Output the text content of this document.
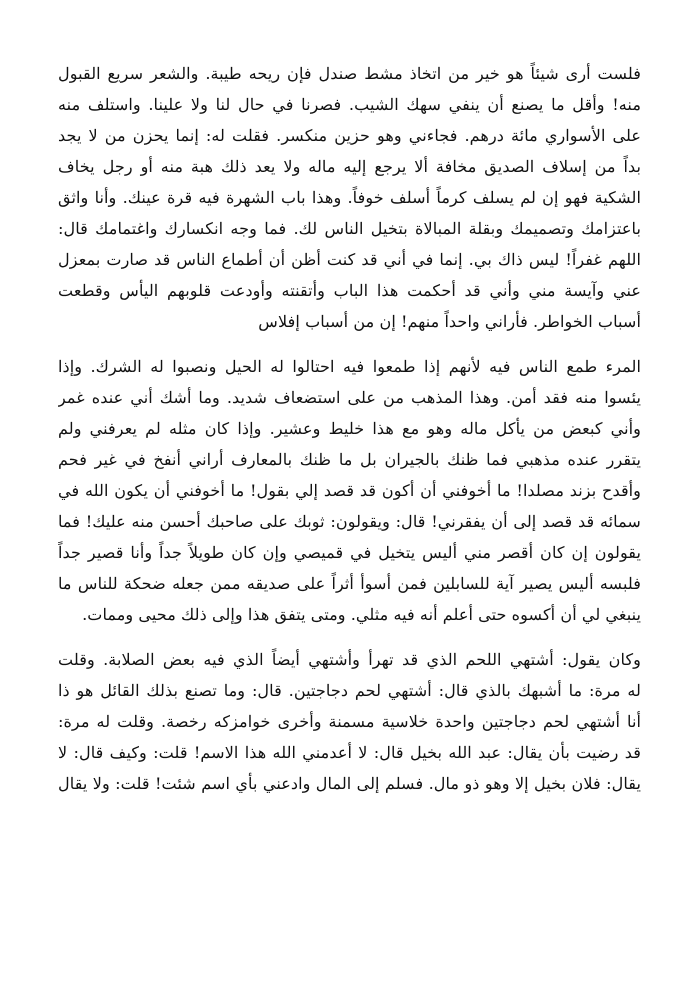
فلست أرى شيئاً هو خير من اتخاذ مشط صندل فإن ريحه طيبة. والشعر سريع القبول
منه! وأقل ما يصنع أن ينفي سهك الشيب. فصرنا في حال لنا ولا علينا. واستلف منه
على الأسواري مائة درهم. فجاءني وهو حزين منكسر. فقلت له: إنما يحزن من لا يجد
بداً من إسلاف الصديق مخافة ألا يرجع إليه ماله ولا يعد ذلك هبة منه أو رجل يخاف
الشكية فهو إن لم يسلف كرماً أسلف خوفاً. وهذا باب الشهرة فيه قرة عينك. وأنا واثق
باعتزامك وتصميمك وبقلة المبالاة بتخيل الناس لك. فما وجه انكسارك واغتمامك قال:
اللهم غفراً! ليس ذاك بي. إنما في أني قد كنت أظن أن أطماع الناس قد صارت بمعزل
عني وآيسة مني وأني قد أحكمت هذا الباب وأتقنته وأودعت قلوبهم اليأس وقطعت
أسباب الخواطر. فأراني واحداً منهم! إن من أسباب إفلاس

المرء طمع الناس فيه لأنهم إذا طمعوا فيه احتالوا له الحيل ونصبوا له الشرك. وإذا
يئسوا منه فقد أمن. وهذا المذهب من على استضعاف شديد. وما أشك أني عنده غمر
وأني كبعض من يأكل ماله وهو مع هذا خليط وعشير. وإذا كان مثله لم يعرفني ولم
يتقرر عنده مذهبي فما ظنك بالجيران بل ما ظنك بالمعارف أراني أنفخ في غير فحم
وأقدح بزند مصلدا! ما أخوفني أن أكون قد قصد إلي بقول! ما أخوفني أن يكون الله في
سمائه قد قصد إلى أن يفقرني! قال: ويقولون: ثوبك على صاحبك أحسن منه عليك! فما
يقولون إن كان أقصر مني أليس يتخيل في قميصي وإن كان طويلاً جداً وأنا قصير جداً
فلبسه أليس يصير آية للسابلين فمن أسوأ أثراً على صديقه ممن جعله ضحكة للناس ما
ينبغي لي أن أكسوه حتى أعلم أنه فيه مثلي. ومتى يتفق هذا وإلى ذلك محيى وممات.

وكان يقول: أشتهي اللحم الذي قد تهرأ وأشتهي أيضاً الذي فيه بعض الصلابة. وقلت
له مرة: ما أشبهك بالذي قال: أشتهي لحم دجاجتين. قال: وما تصنع بذلك القائل هو ذا
أنا أشتهي لحم دجاجتين واحدة خلاسية مسمنة وأخرى خوامزكه رخصة. وقلت له مرة:
قد رضيت بأن يقال: عبد الله بخيل قال: لا أعدمني الله هذا الاسم! قلت: وكيف قال: لا
يقال: فلان بخيل إلا وهو ذو مال. فسلم إلى المال وادعني بأي اسم شئت! قلت: ولا يقال
